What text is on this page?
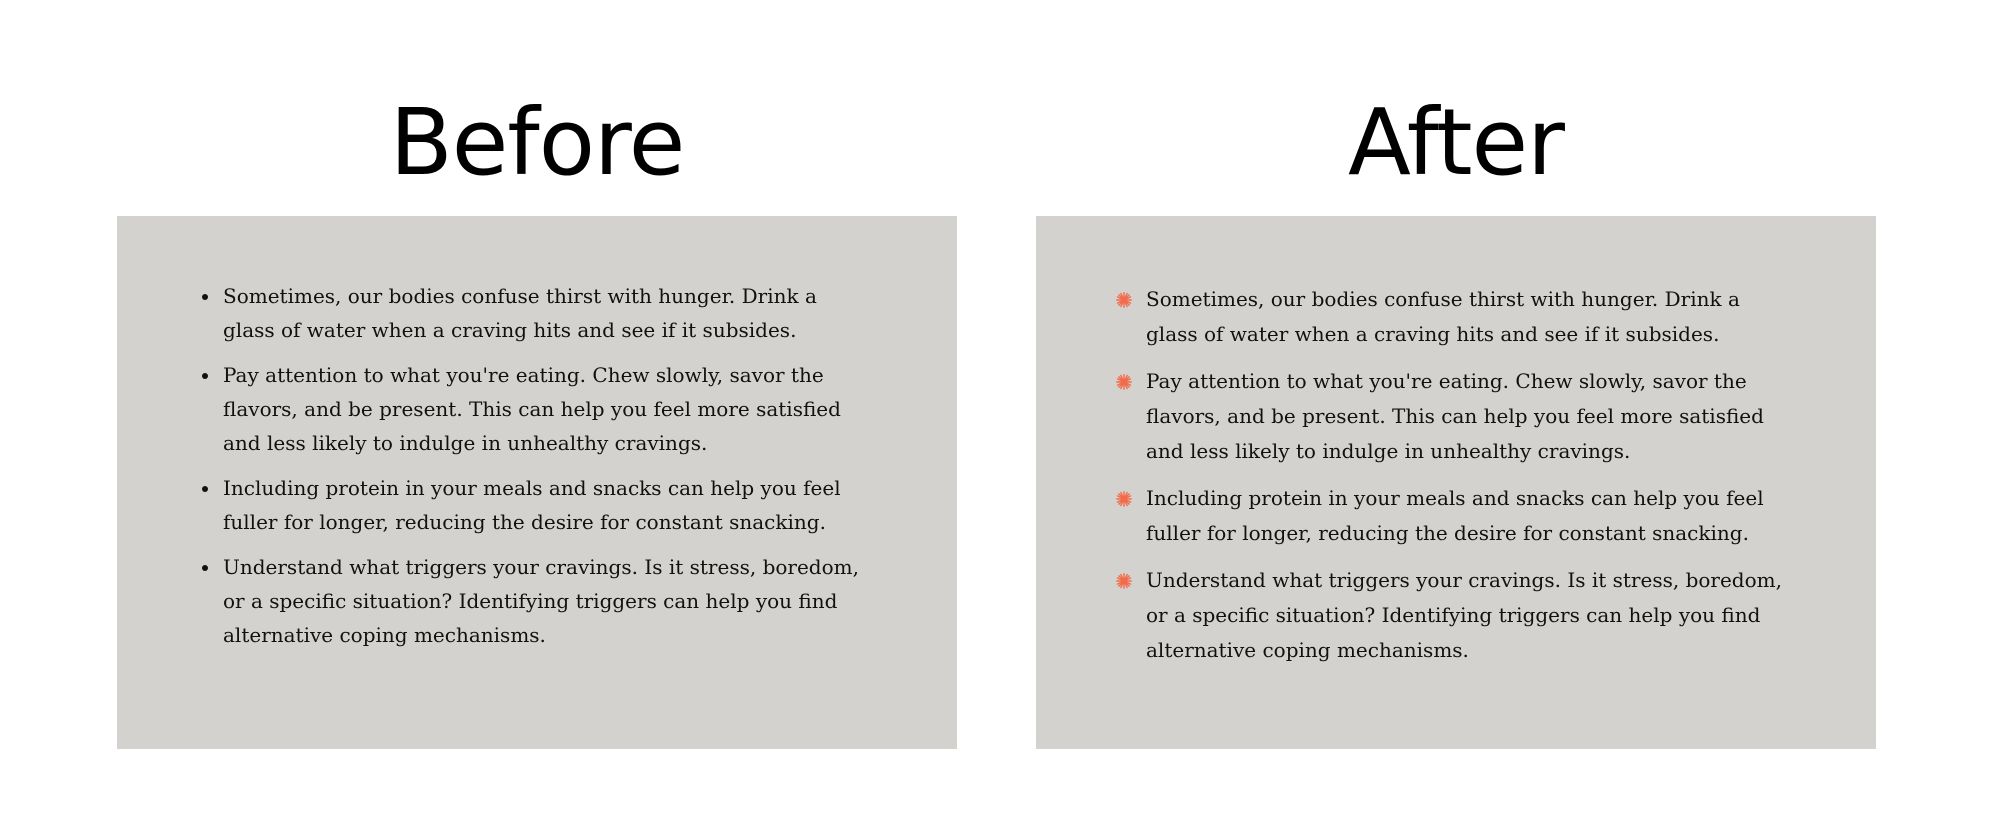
Before	After
Sometimes, our bodies confuse thirst with hunger. Drink a glass of water when a craving hits and see if it subsides.
Pay attention to what you're eating. Chew slowly, savor the flavors, and be present. This can help you feel more satisfied and less likely to indulge in unhealthy cravings.
Including protein in your meals and snacks can help you feel fuller for longer, reducing the desire for constant snacking.
Understand what triggers your cravings. Is it stress, boredom, or a specific situation? Identifying triggers can help you find alternative coping mechanisms.
Sometimes, our bodies confuse thirst with hunger. Drink a glass of water when a craving hits and see if it subsides.
Pay attention to what you're eating. Chew slowly, savor the flavors, and be present. This can help you feel more satisfied and less likely to indulge in unhealthy cravings.
Including protein in your meals and snacks can help you feel fuller for longer, reducing the desire for constant snacking.
Understand what triggers your cravings. Is it stress, boredom, or a specific situation? Identifying triggers can help you find alternative coping mechanisms.
